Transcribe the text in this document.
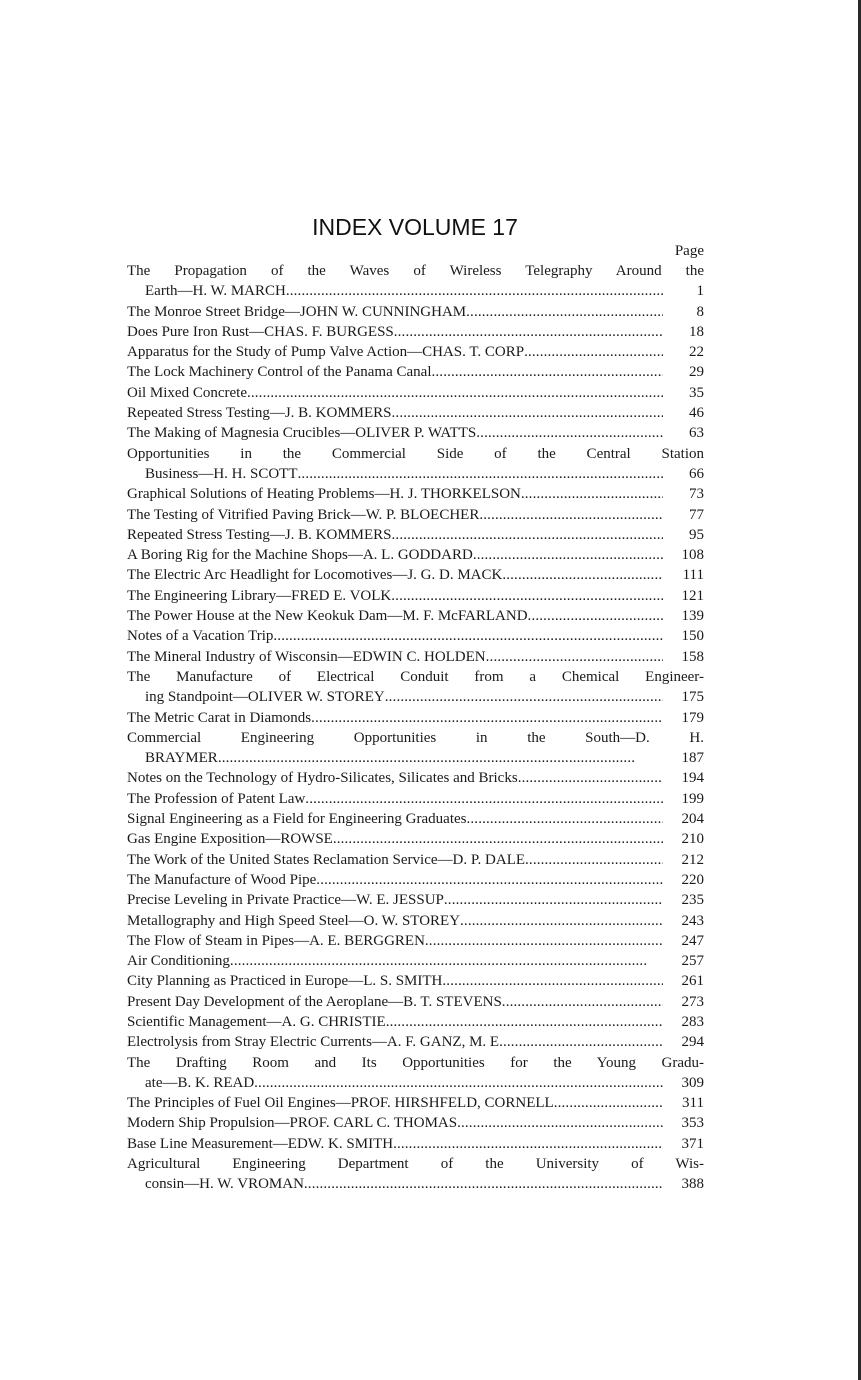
INDEX VOLUME 17
Page
The Propagation of the Waves of Wireless Telegraphy Around the
Earth—H. W. MARCH . . .	1
The Monroe Street Bridge—JOHN W. CUNNINGHAM . . .	8
Does Pure Iron Rust—CHAS. F. BURGESS . . .	18
Apparatus for the Study of Pump Valve Action—CHAS. T. CORP . . .	22
The Lock Machinery Control of the Panama Canal . . .	29
Oil Mixed Concrete . . .	35
Repeated Stress Testing—J. B. KOMMERS . . .	46
The Making of Magnesia Crucibles—OLIVER P. WATTS . . .	63
Opportunities in the Commercial Side of the Central Station
Business—H. H. SCOTT . . .	66
Graphical Solutions of Heating Problems—H. J. THORKELSON . . .	73
The Testing of Vitrified Paving Brick—W. P. BLOECHER . . .	77
Repeated Stress Testing—J. B. KOMMERS . . .	95
A Boring Rig for the Machine Shops—A. L. GODDARD . . .	108
The Electric Arc Headlight for Locomotives—J. G. D. MACK . . .	111
The Engineering Library—FRED E. VOLK . . .	121
The Power House at the New Keokuk Dam—M. F. McFARLAND . . .	139
Notes of a Vacation Trip . . .	150
The Mineral Industry of Wisconsin—EDWIN C. HOLDEN . . .	158
The Manufacture of Electrical Conduit from a Chemical Engineer-
ing Standpoint—OLIVER W. STOREY . . .	175
The Metric Carat in Diamonds . . .	179
Commercial Engineering Opportunities in the South—D. H.
BRAYMER . . .	187
Notes on the Technology of Hydro-Silicates, Silicates and Bricks . . .	194
The Profession of Patent Law . . .	199
Signal Engineering as a Field for Engineering Graduates . . .	204
Gas Engine Exposition—ROWSE . . .	210
The Work of the United States Reclamation Service—D. P. DALE . . .	212
The Manufacture of Wood Pipe . . .	220
Precise Leveling in Private Practice—W. E. JESSUP . . .	235
Metallography and High Speed Steel—O. W. STOREY . . .	243
The Flow of Steam in Pipes—A. E. BERGGREN . . .	247
Air Conditioning . . .	257
City Planning as Practiced in Europe—L. S. SMITH . . .	261
Present Day Development of the Aeroplane—B. T. STEVENS . . .	273
Scientific Management—A. G. CHRISTIE . . .	283
Electrolysis from Stray Electric Currents—A. F. GANZ, M. E . . .	294
The Drafting Room and Its Opportunities for the Young Gradu-
ate—B. K. READ . . .	309
The Principles of Fuel Oil Engines—PROF. HIRSHFELD, CORNELL . . .	311
Modern Ship Propulsion—PROF. CARL C. THOMAS . . .	353
Base Line Measurement—EDW. K. SMITH . . .	371
Agricultural Engineering Department of the University of Wis-
consin—H. W. VROMAN . . .	388
